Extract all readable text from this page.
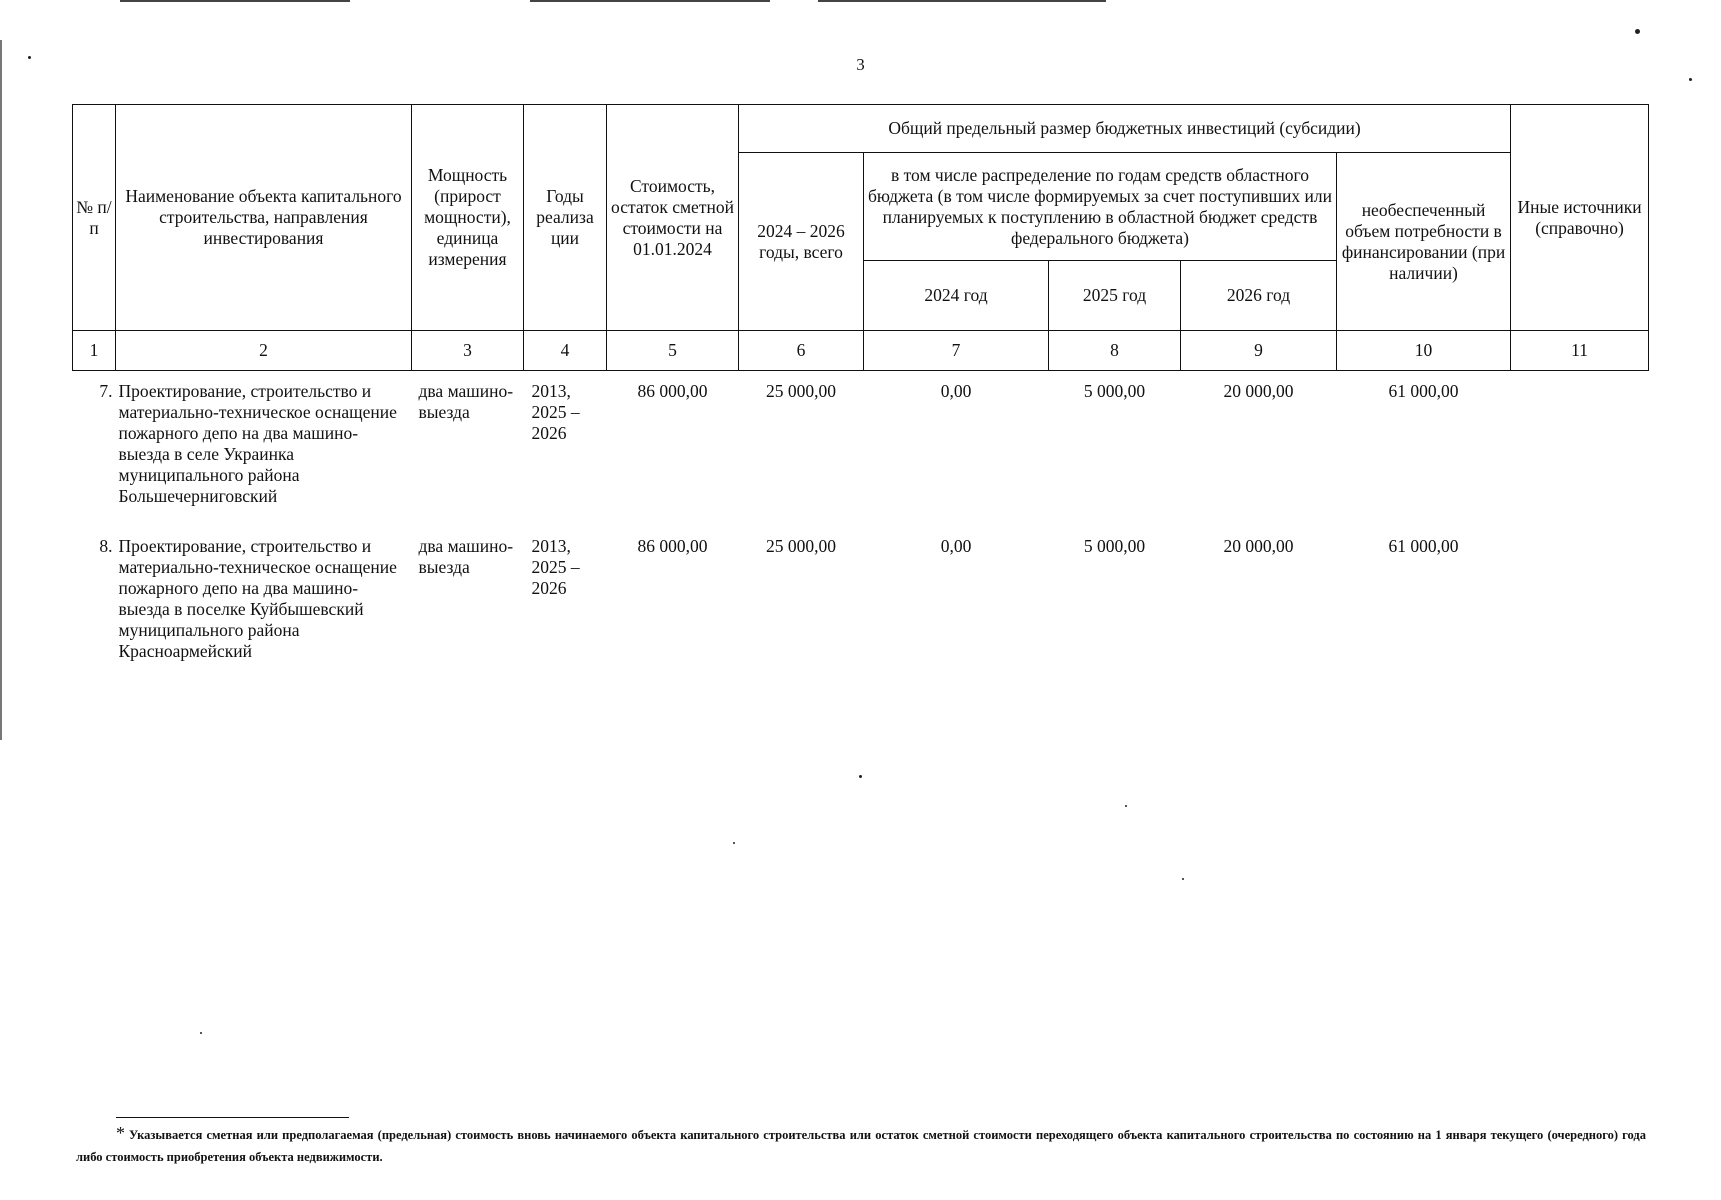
3
№ п/п	Наименование объекта капитального строительства, направления инвестирования	Мощность (прирост мощности), единица измерения	Годы реализа ции	Стоимость, остаток сметной стоимости на 01.01.2024	Общий предельный размер бюджетных инвестиций (субсидии)					Иные источники (справочно)
					2024 – 2026 годы, всего	в том числе распределение по годам средств областного бюджета (в том числе формируемых за счет поступивших или планируемых к поступлению в областной бюджет средств федерального бюджета)			необеспеченный объем потребности в финансировании (при наличии)	
						2024 год	2025 год	2026 год		
1	2	3	4	5	6	7	8	9	10	11
7.	Проектирование, строительство и материально-техническое оснащение пожарного депо на два машино-выезда в селе Украинка муниципального района Большечерниговский	два машино- выезда	2013, 2025 – 2026	86 000,00	25 000,00	0,00	5 000,00	20 000,00	61 000,00	
8.	Проектирование, строительство и материально-техническое оснащение пожарного депо на два машино-выезда в поселке Куйбышевский муниципального района Красноармейский	два машино- выезда	2013, 2025 – 2026	86 000,00	25 000,00	0,00	5 000,00	20 000,00	61 000,00	
* Указывается сметная или предполагаемая (предельная) стоимость вновь начинаемого объекта капитального строительства или остаток сметной стоимости переходящего объекта капитального строительства по состоянию на 1 января текущего (очередного) года либо стоимость приобретения объекта недвижимости.
